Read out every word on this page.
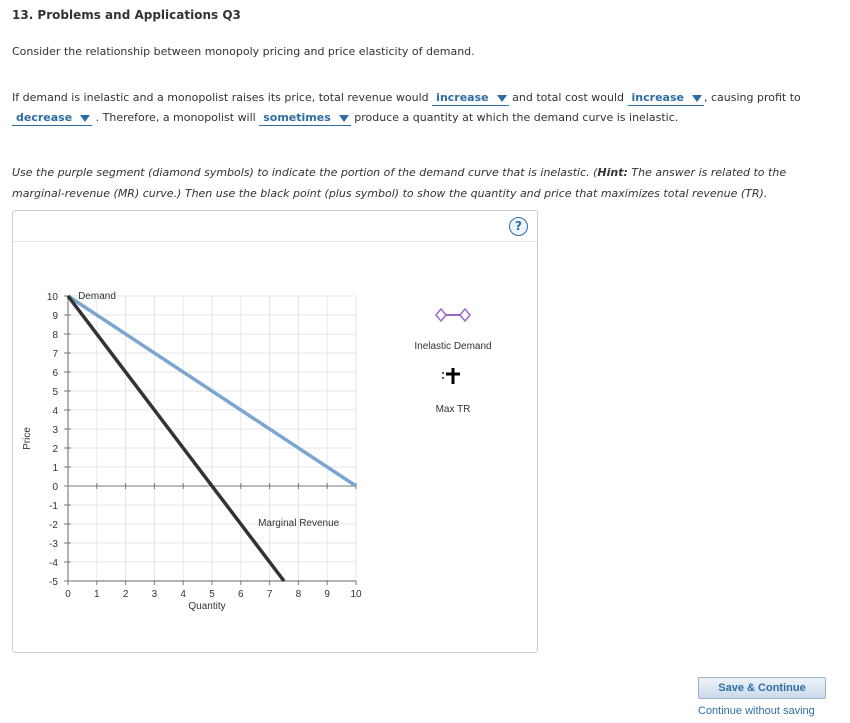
13. Problems and Applications Q3
Consider the relationship between monopoly pricing and price elasticity of demand.
If demand is inelastic and a monopolist raises its price, total revenue would increase and total cost would increase , causing profit to decrease . Therefore, a monopolist will sometimes produce a quantity at which the demand curve is inelastic.
Use the purple segment (diamond symbols) to indicate the portion of the demand curve that is inelastic. (Hint: The answer is related to the marginal-revenue (MR) curve.) Then use the black point (plus symbol) to show the quantity and price that maximizes total revenue (TR).
?
Demand
Marginal Revenue
0 1 2 3 4 5 6 7 8 9 10
10
9
8
7
6
5
4
3
2
1
0
-1
-2
-3
-4
-5
Quantity
Price
Inelastic Demand
Max TR
Save & Continue
Continue without saving
